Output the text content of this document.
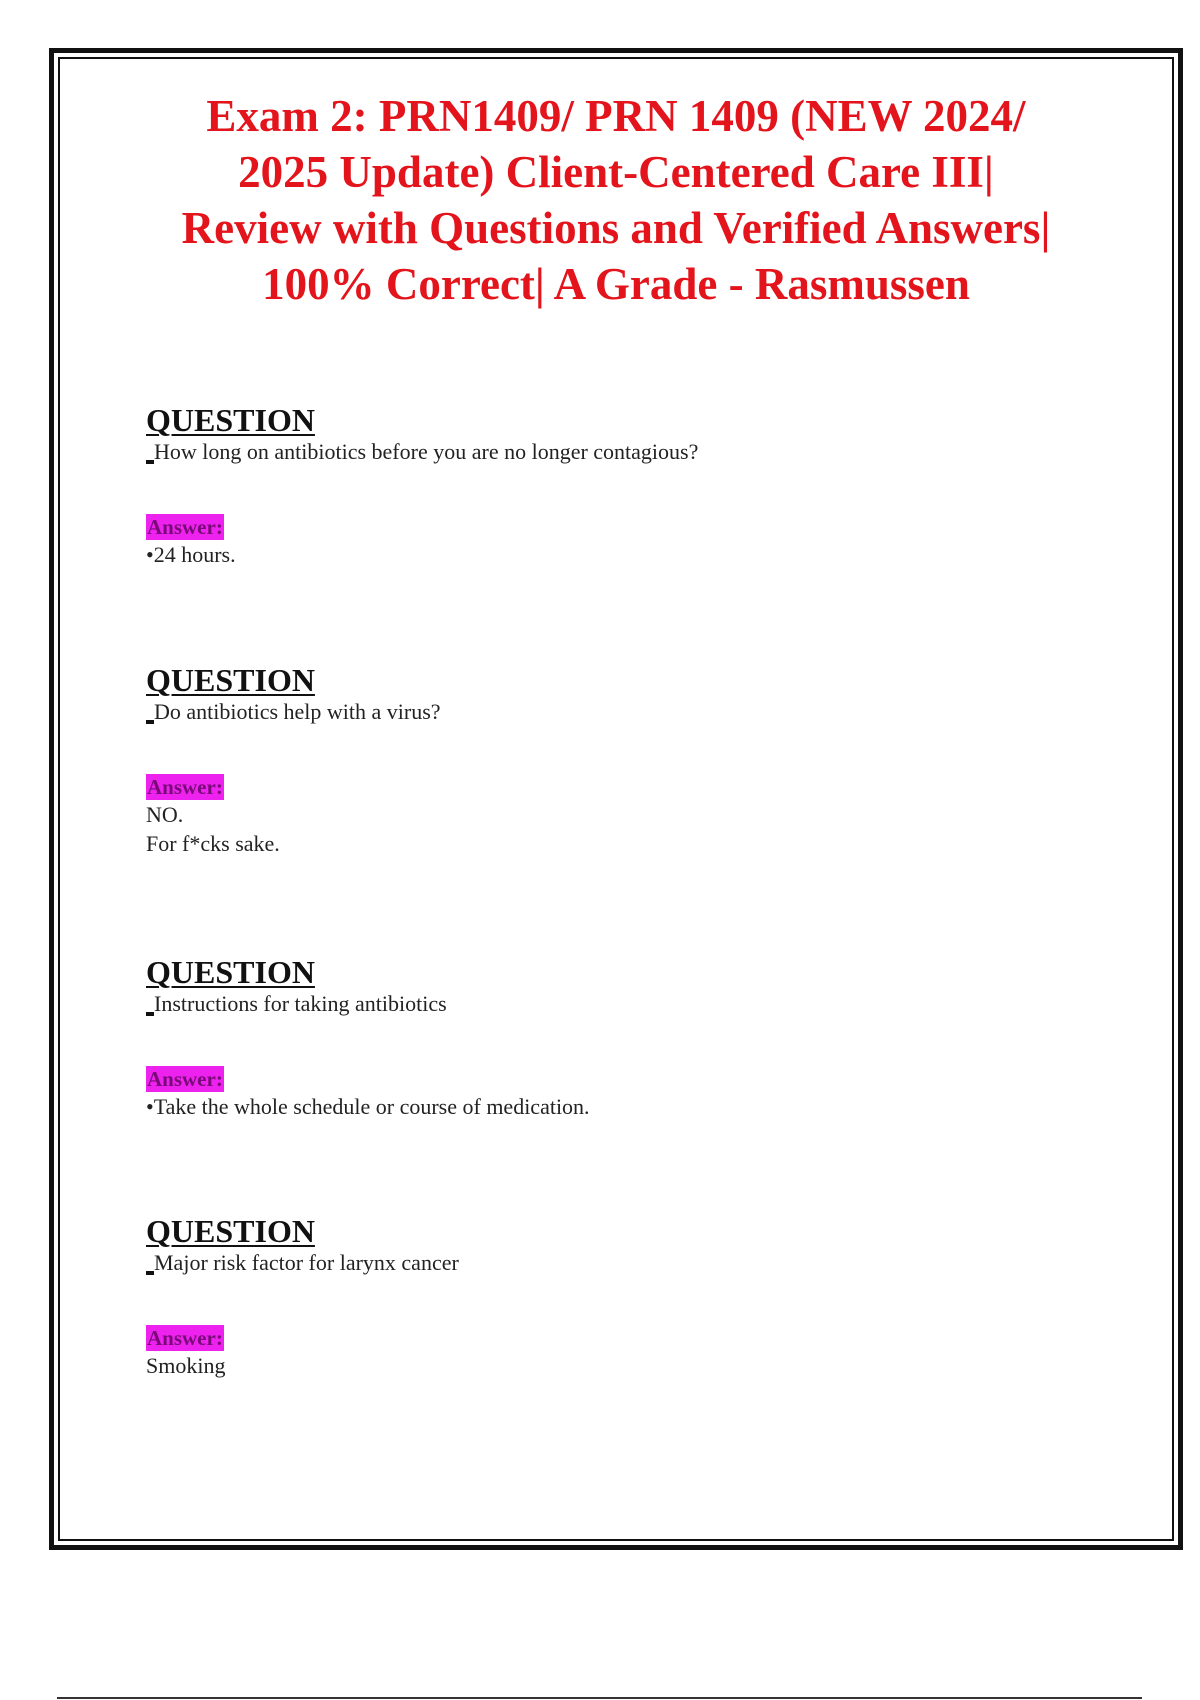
Exam 2: PRN1409/ PRN 1409 (NEW 2024/
2025 Update) Client-Centered Care III|
Review with Questions and Verified Answers|
100% Correct| A Grade - Rasmussen
QUESTION
How long on antibiotics before you are no longer contagious?
Answer:
•24 hours.
QUESTION
Do antibiotics help with a virus?
Answer:
NO.
For f*cks sake.
QUESTION
Instructions for taking antibiotics
Answer:
•Take the whole schedule or course of medication.
QUESTION
Major risk factor for larynx cancer
Answer:
Smoking
